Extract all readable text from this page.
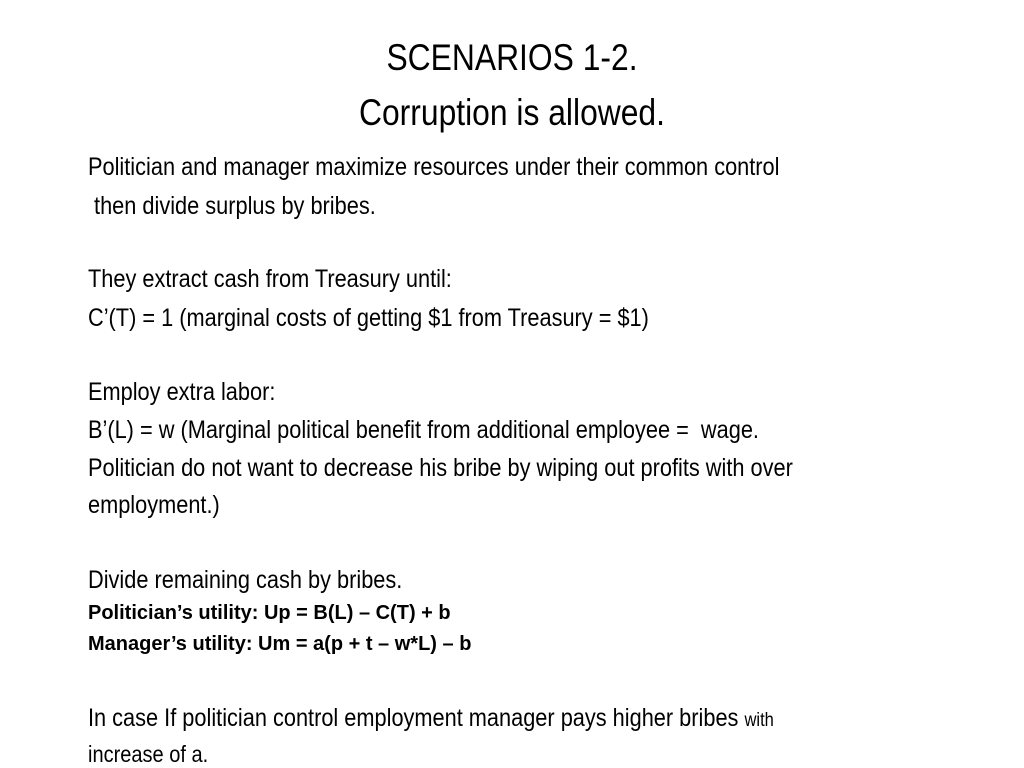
SCENARIOS 1-2.
Corruption is allowed.
Politician and manager maximize resources under their common control
then divide surplus by bribes.
They extract cash from Treasury until:
C’(T) = 1 (marginal costs of getting $1 from Treasury = $1)
Employ extra labor:
B’(L) = w (Marginal political benefit from additional employee =  wage.
Politician do not want to decrease his bribe by wiping out profits with over
employment.)
Divide remaining cash by bribes.
Politician’s utility: Up = B(L) – C(T) + b
Manager’s utility: Um = a(p + t – w*L) – b
In case If politician control employment manager pays higher bribes with
increase of a.
